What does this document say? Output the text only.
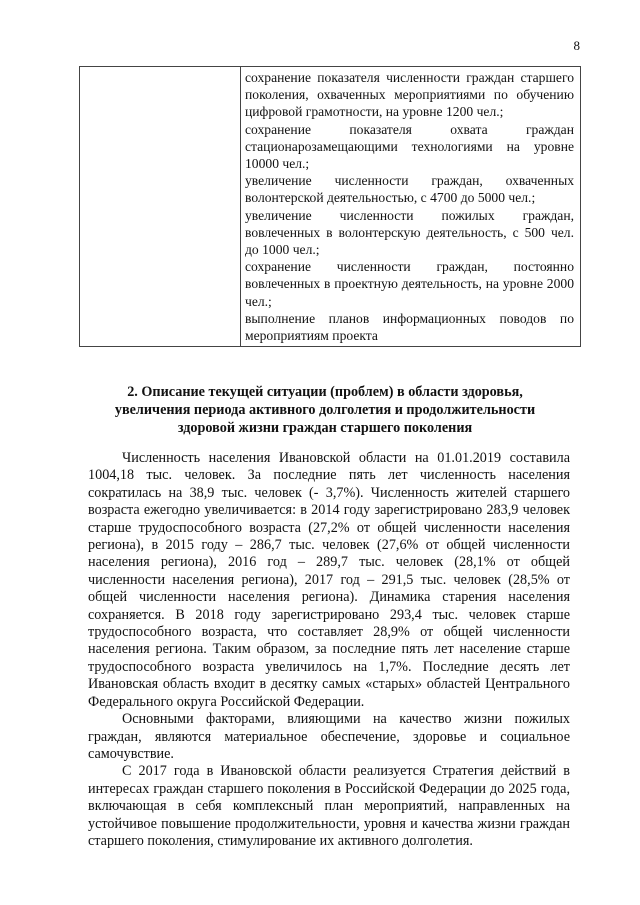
8

сохранение показателя численности граждан старшего поколения, охваченных мероприятиями по обучению цифровой грамотности, на уровне 1200 чел.;
сохранение показателя охвата граждан стационарозамещающими технологиями на уровне 10000 чел.;
увеличение численности граждан, охваченных волонтерской деятельностью, с 4700 до 5000 чел.;
увеличение численности пожилых граждан, вовлеченных в волонтерскую деятельность, с 500 чел. до 1000 чел.;
сохранение численности граждан, постоянно вовлеченных в проектную деятельность, на уровне 2000 чел.;
выполнение планов информационных поводов по мероприятиям проекта
2. Описание текущей ситуации (проблем) в области здоровья, увеличения периода активного долголетия и продолжительности здоровой жизни граждан старшего поколения

Численность населения Ивановской области на 01.01.2019 составила 1004,18 тыс. человек. За последние пять лет численность населения сократилась на 38,9 тыс. человек (- 3,7%). Численность жителей старшего возраста ежегодно увеличивается: в 2014 году зарегистрировано 283,9 человек старше трудоспособного возраста (27,2% от общей численности населения региона), в 2015 году – 286,7 тыс. человек (27,6% от общей численности населения региона), 2016 год – 289,7 тыс. человек (28,1% от общей численности населения региона), 2017 год – 291,5 тыс. человек (28,5% от общей численности населения региона). Динамика старения населения сохраняется. В 2018 году зарегистрировано 293,4 тыс. человек старше трудоспособного возраста, что составляет 28,9% от общей численности населения региона. Таким образом, за последние пять лет население старше трудоспособного возраста увеличилось на 1,7%. Последние десять лет Ивановская область входит в десятку самых «старых» областей Центрального Федерального округа Российской Федерации.

Основными факторами, влияющими на качество жизни пожилых граждан, являются материальное обеспечение, здоровье и социальное самочувствие.

С 2017 года в Ивановской области реализуется Стратегия действий в интересах граждан старшего поколения в Российской Федерации до 2025 года, включающая в себя комплексный план мероприятий, направленных на устойчивое повышение продолжительности, уровня и качества жизни граждан старшего поколения, стимулирование их активного долголетия.
